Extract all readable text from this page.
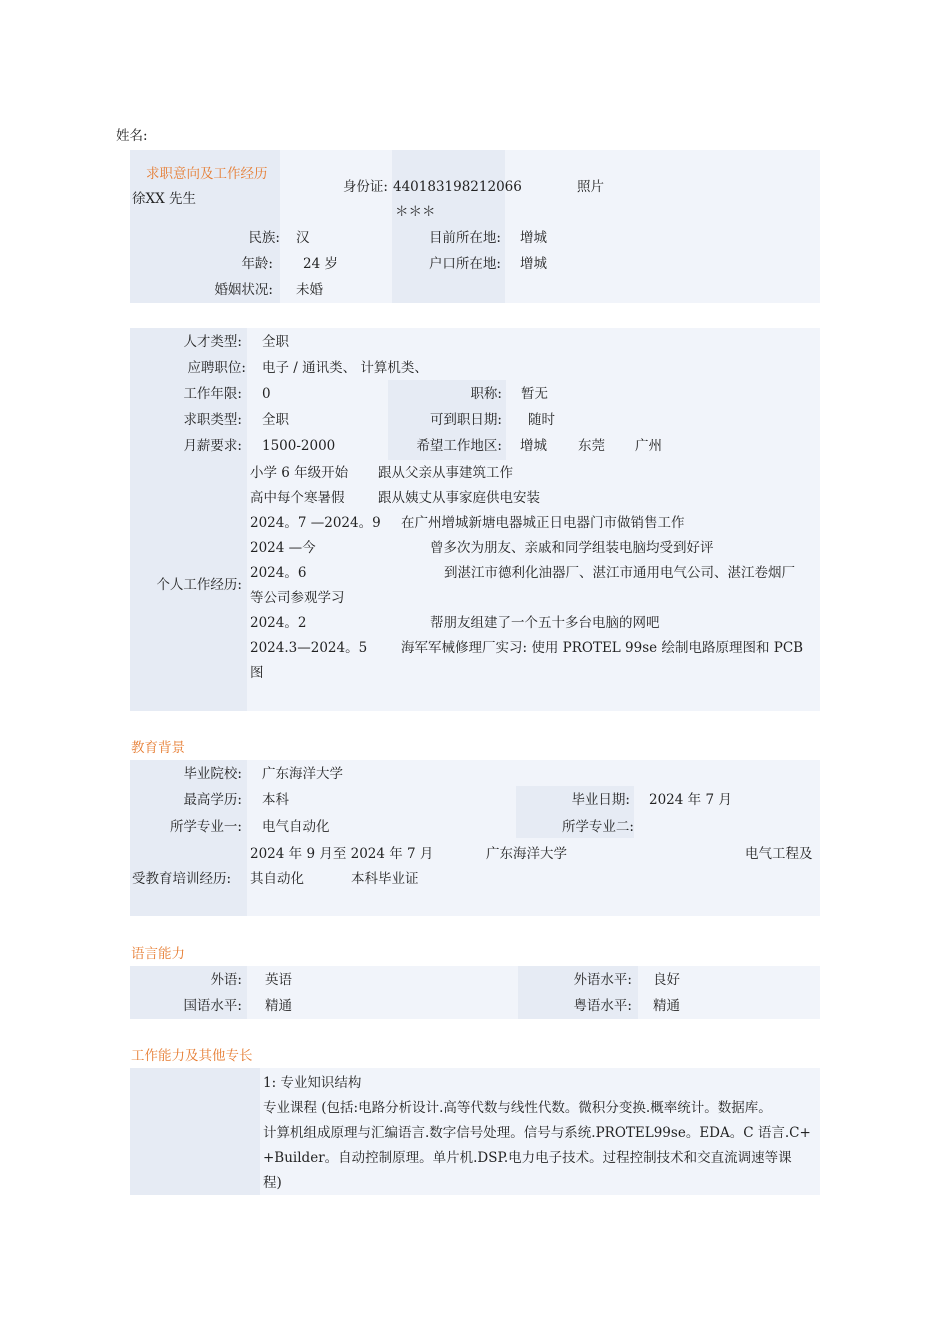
姓名:
求职意向及工作经历
徐XX 先生
身份证: 440183198212066
＊＊＊
照片
民族: 汉	目前所在地: 增城
年龄: 24 岁	户口所在地: 增城
婚姻状况: 未婚
人才类型: 全职
应聘职位: 电子 / 通讯类、 计算机类、
工作年限: 0	职称: 暂无
求职类型: 全职	可到职日期: 随时
月薪要求: 1500-2000	希望工作地区: 增城 东莞 广州
个人工作经历:
小学 6 年级开始 跟从父亲从事建筑工作
高中每个寒暑假 跟从姨丈从事家庭供电安装
2024。7 —2024。9 在广州增城新塘电器城正日电器门市做销售工作
2024 —今	曾多次为朋友、亲戚和同学组装电脑均受到好评
2024。6	到湛江市德利化油器厂、湛江市通用电气公司、湛江卷烟厂
等公司参观学习
2024。2	帮朋友组建了一个五十多台电脑的网吧
2024.3—2024。5	海军军械修理厂实习: 使用 PROTEL 99se 绘制电路原理图和 PCB
图
教育背景
毕业院校: 广东海洋大学
最高学历: 本科	毕业日期: 2024 年 7 月
所学专业一: 电气自动化	所学专业二:
受教育培训经历:
2024 年 9 月至 2024 年 7 月	广东海洋大学	电气工程及
其自动化	本科毕业证
语言能力
外语: 英语	外语水平: 良好
国语水平: 精通	粤语水平: 精通
工作能力及其他专长
1: 专业知识结构
专业课程 (包括:电路分析设计.高等代数与线性代数。微积分变换.概率统计。数据库。
计算机组成原理与汇编语言.数字信号处理。信号与系统.PROTEL99se。EDA。C 语言.C+
+Builder。自动控制原理。单片机.DSP.电力电子技术。过程控制技术和交直流调速等课
程)
